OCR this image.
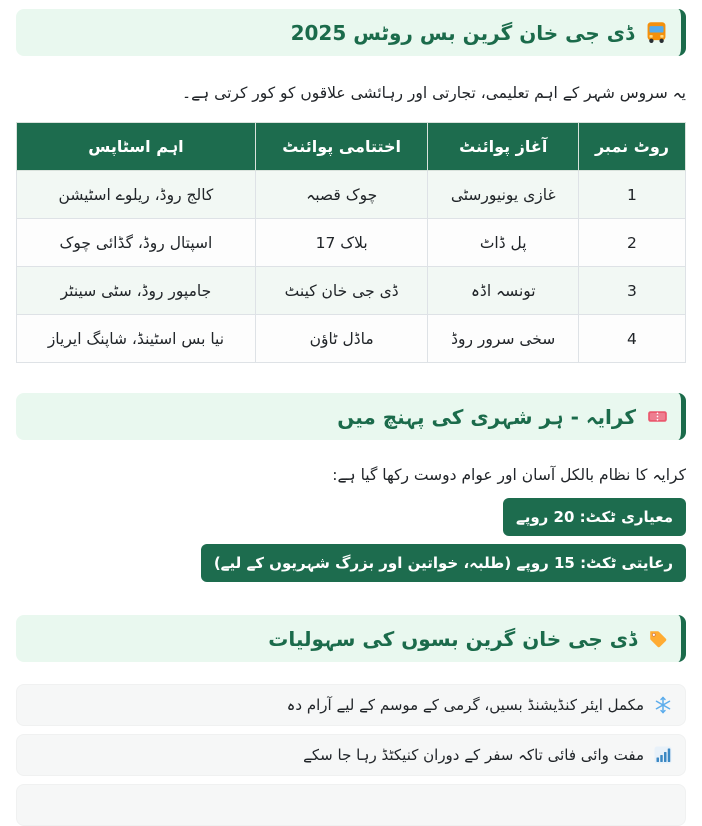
ڈی جی خان گرین بس روٹس 2025

یہ سروس شہر کے اہم تعلیمی، تجارتی اور رہائشی علاقوں کو کور کرتی ہے۔

روٹ نمبر	آغاز پوائنٹ	اختتامی پوائنٹ	اہم اسٹاپس
1	غازی یونیورسٹی	چوک قصبہ	کالج روڈ، ریلوے اسٹیشن
2	پل ڈاٹ	بلاک 17	اسپتال روڈ، گڈائی چوک
3	تونسہ اڈہ	ڈی جی خان کینٹ	جامپور روڈ، سٹی سینٹر
4	سخی سرور روڈ	ماڈل ٹاؤن	نیا بس اسٹینڈ، شاپنگ ایریاز
کرایہ - ہر شہری کی پہنچ میں

کرایہ کا نظام بالکل آسان اور عوام دوست رکھا گیا ہے:

معیاری ٹکٹ: 20 روپے
رعایتی ٹکٹ: 15 روپے (طلبہ، خواتین اور بزرگ شہریوں کے لیے)
ڈی جی خان گرین بسوں کی سہولیات
مکمل ایئر کنڈیشنڈ بسیں، گرمی کے موسم کے لیے آرام دہ
مفت وائی فائی تاکہ سفر کے دوران کنیکٹڈ رہا جا سکے
